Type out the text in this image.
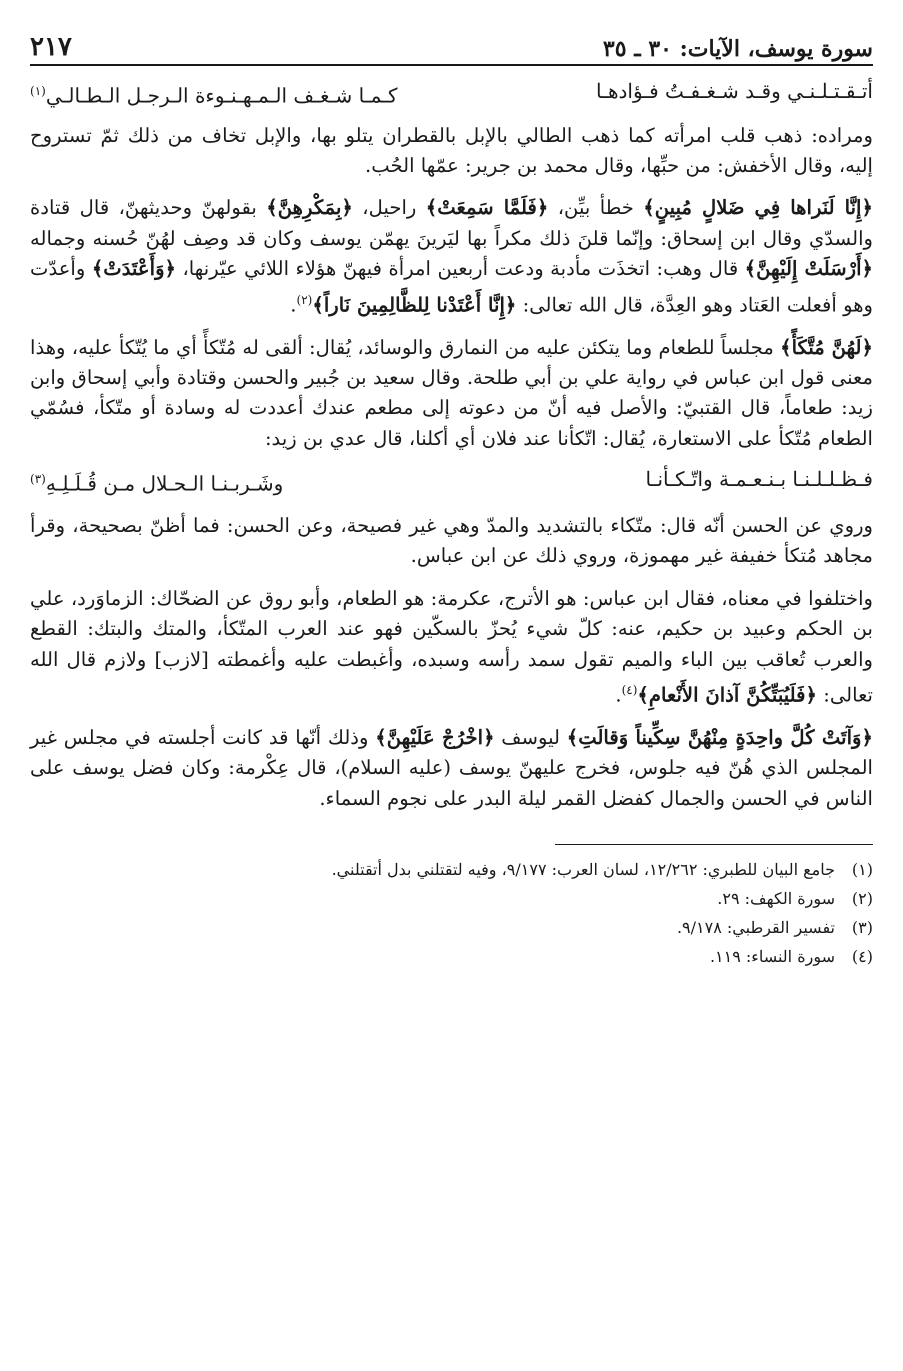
سورة يوسف، الآيات: ٣٠ ـ ٣٥
٢١٧
أتـقـتـلـنـي وقـد شـغـفـتُ فـؤادهـا
كـمـا شـغـف الـمـهـنـوءة الـرجـل الـطـالـي$^{(١)}$

ومراده: ذهب قلب امرأته كما ذهب الطالي بالإبل بالقطران يتلو بها، والإبل تخاف من ذلك ثمّ تستروح إليه، وقال الأخفش: من حبِّها، وقال محمد بن جرير: عمّها الحُب.

﴿إِنَّا لَنَراها فِي ضَلالٍ مُبِينٍ﴾ خطأ بيِّن، ﴿فَلَمَّا سَمِعَتْ﴾ راحيل، ﴿بِمَكْرِهِنَّ﴾ بقولهنّ وحديثهنّ، قال قتادة والسدّي وقال ابن إسحاق: وإنّما قلنَ ذلك مكراً بها ليَرينَ يهمّن يوسف وكان قد وصِف لهُنّ حُسنه وجماله ﴿أَرْسَلَتْ إِلَيْهِنَّ﴾ قال وهب: اتخذَت مأدبة ودعت أربعين امرأة فيهنّ هؤلاء اللائي عيّرنها، ﴿وَأَعْتَدَتْ﴾ وأعدّت وهو أفعلت العَتاد وهو العِدَّة، قال الله تعالى: ﴿إِنَّا أَعْتَدْنا لِلظَّالِمِينَ نَاراً﴾$^{(٢)}$.

﴿لَهُنَّ مُتَّكَأً﴾ مجلساً للطعام وما يتكئن عليه من النمارق والوسائد، يُقال: ألقى له مُتّكأً أي ما يُتّكأ عليه، وهذا معنى قول ابن عباس في رواية علي بن أبي طلحة. وقال سعيد بن جُبير والحسن وقتادة وأبي إسحاق وابن زيد: طعاماً، قال القتبيّ: والأصل فيه أنّ من دعوته إلى مطعم عندك أعددت له وسادة أو متّكأ، فسُمّي الطعام مُتّكأ على الاستعارة، يُقال: اتّكأنا عند فلان أي أكلنا، قال عدي بن زيد:

فـظـلـلـنـا بـنـعـمـة واتّـكـأنـا
وشَـربـنـا الـحـلال مـن قُـلَـلِـهِ$^{(٣)}$

وروي عن الحسن أنّه قال: متّكاء بالتشديد والمدّ وهي غير فصيحة، وعن الحسن: فما أظنّ بصحيحة، وقرأ مجاهد مُتكأ خفيفة غير مهموزة، وروي ذلك عن ابن عباس.

واختلفوا في معناه، فقال ابن عباس: هو الأترج، عكرمة: هو الطعام، وأبو روق عن الضحّاك: الزماوَرد، علي بن الحكم وعبيد بن حكيم، عنه: كلّ شيء يُحزّ بالسكّين فهو عند العرب المتّكأ، والمتك والبتك: القطع والعرب تُعاقب بين الباء والميم تقول سمد رأسه وسبده، وأغبطت عليه وأغمطته [لازب] ولازم قال الله تعالى: ﴿فَلَيُبَتِّكُنَّ آذانَ الأَنْعامِ﴾$^{(٤)}$.

﴿وَآتَتْ كُلَّ واحِدَةٍ مِنْهُنَّ سِكِّيناً وَقالَتِ﴾ ليوسف ﴿اخْرُجْ عَلَيْهِنَّ﴾ وذلك أنّها قد كانت أجلسته في مجلس غير المجلس الذي هُنّ فيه جلوس، فخرج عليهنّ يوسف (عليه السلام)، قال عِكْرمة: وكان فضل يوسف على الناس في الحسن والجمال كفضل القمر ليلة البدر على نجوم السماء.

(١)
جامع البيان للطبري: ١٢/٢٦٢، لسان العرب: ٩/١٧٧، وفيه لتقتلني بدل أتقتلني.
(٢)
سورة الكهف: ٢٩.
(٣)
تفسير القرطبي: ٩/١٧٨.
(٤)
سورة النساء: ١١٩.
